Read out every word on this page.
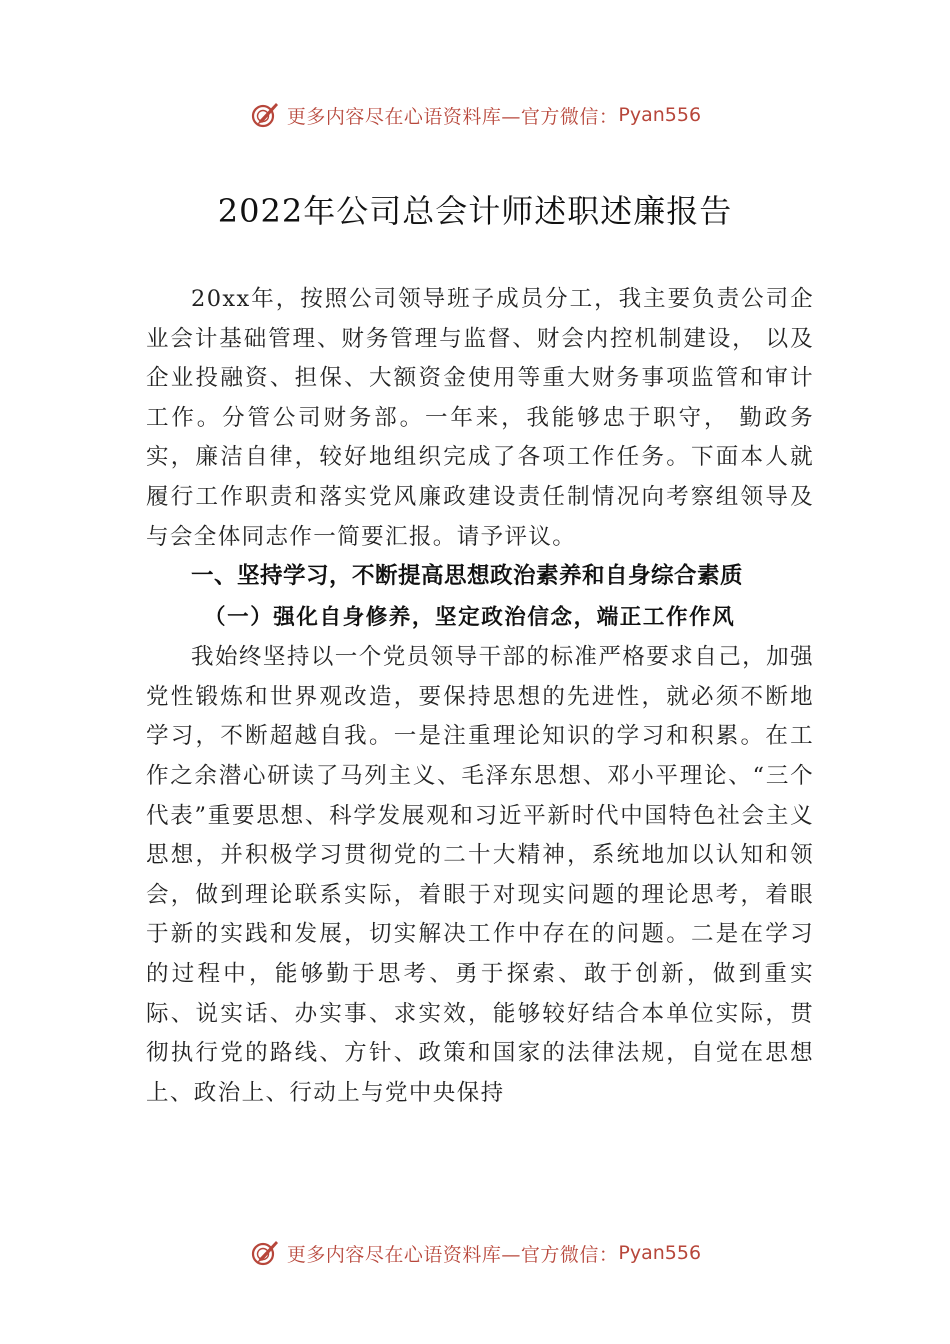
更多内容尽在心语资料库—官方微信： Pyan556
2022年公司总会计师述职述廉报告

20xx年，按照公司领导班子成员分工，我主要负责公司企业会计基础管理、财务管理与监督、财会内控机制建设， 以及企业投融资、担保、大额资金使用等重大财务事项监管和审计工作。分管公司财务部。一年来，我能够忠于职守， 勤政务实，廉洁自律，较好地组织完成了各项工作任务。下面本人就履行工作职责和落实党风廉政建设责任制情况向考察组领导及与会全体同志作一简要汇报。请予评议。

一、坚持学习，不断提高思想政治素养和自身综合素质

（一）强化自身修养，坚定政治信念，端正工作作风

我始终坚持以一个党员领导干部的标准严格要求自己，加强党性锻炼和世界观改造，要保持思想的先进性，就必须不断地学习，不断超越自我。一是注重理论知识的学习和积累。在工作之余潜心研读了马列主义、毛泽东思想、邓小平理论、“三个代表”重要思想、科学发展观和习近平新时代中国特色社会主义思想，并积极学习贯彻党的二十大精神，系统地加以认知和领会，做到理论联系实际，着眼于对现实问题的理论思考，着眼于新的实践和发展，切实解决工作中存在的问题。二是在学习的过程中，能够勤于思考、勇于探索、敢于创新，做到重实际、说实话、办实事、求实效，能够较好结合本单位实际，贯彻执行党的路线、方针、政策和国家的法律法规，自觉在思想上、政治上、行动上与党中央保持

更多内容尽在心语资料库—官方微信： Pyan556
